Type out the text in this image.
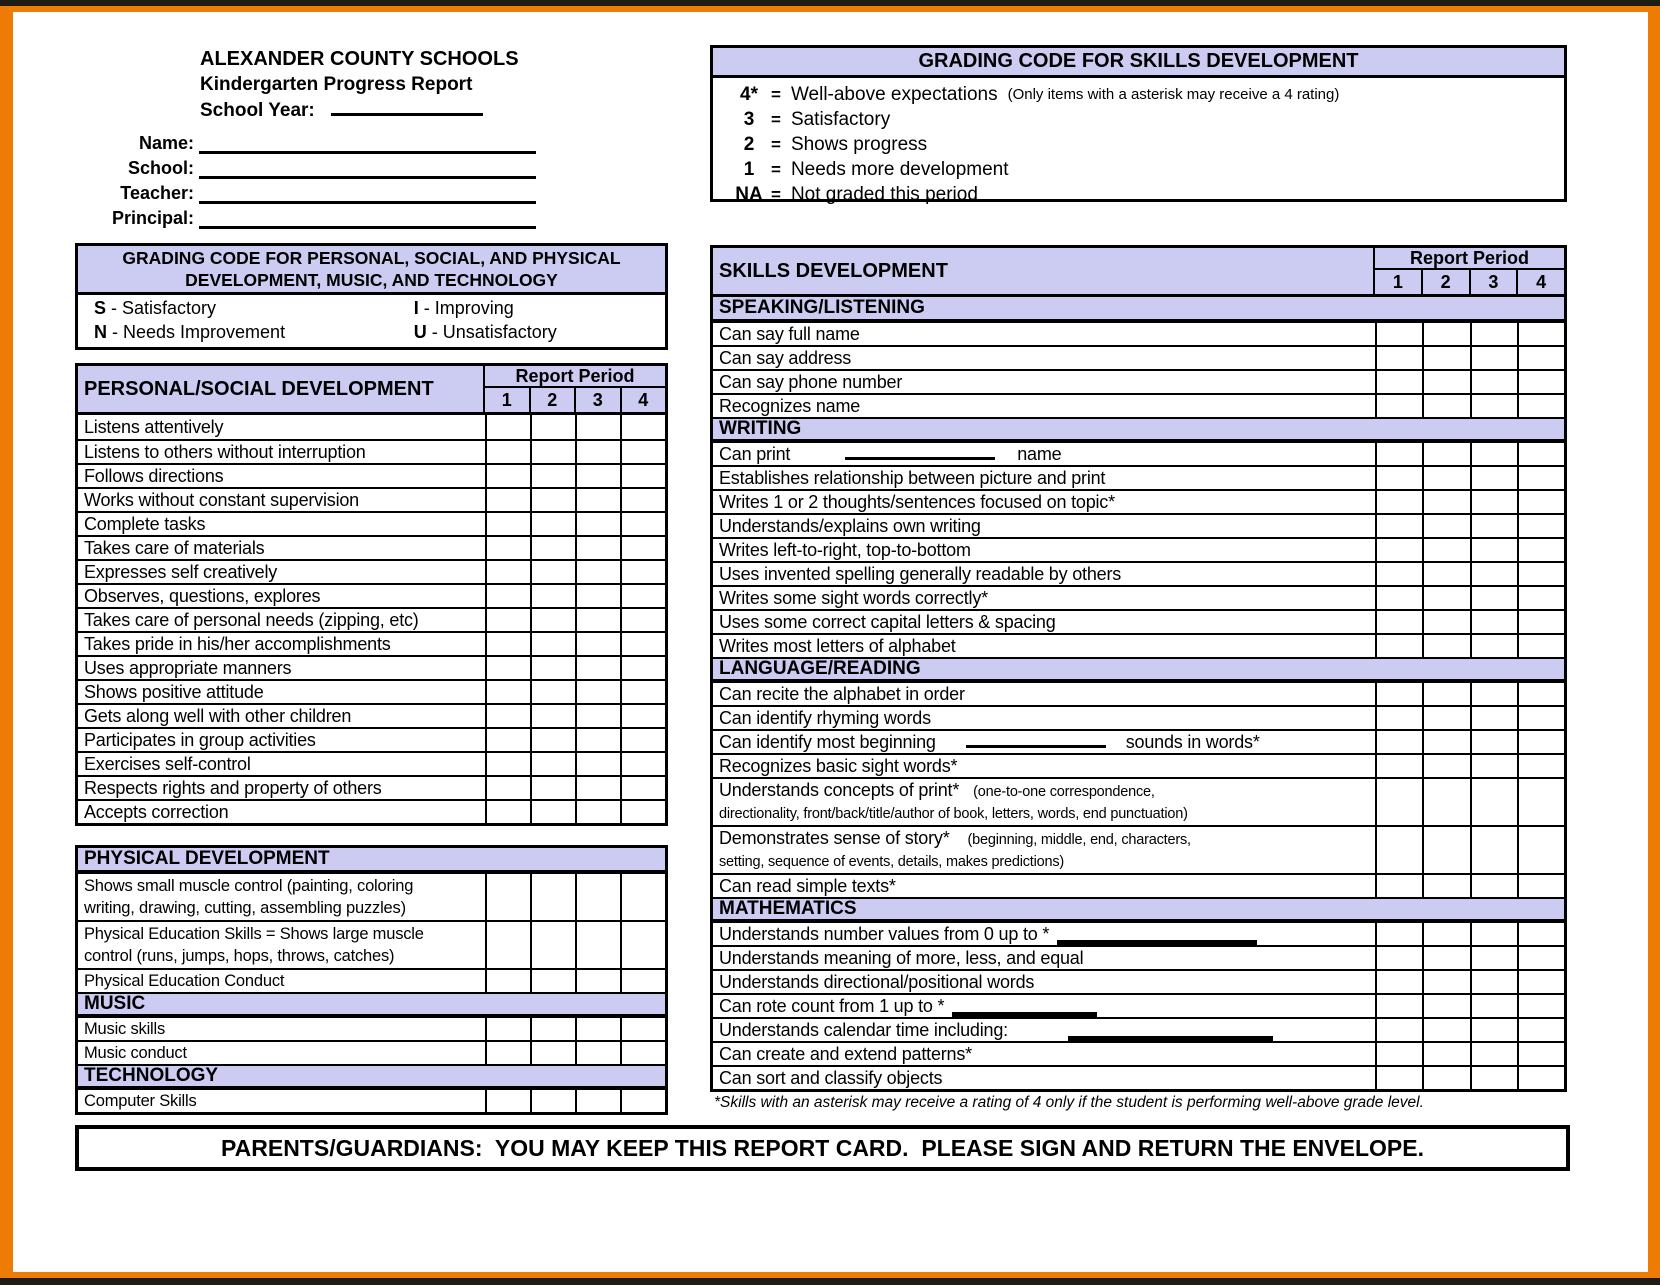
ALEXANDER COUNTY SCHOOLS
Kindergarten Progress Report
School Year:
Name:
School:
Teacher:
Principal:
GRADING CODE FOR SKILLS DEVELOPMENT
4* = Well-above expectations (Only items with a asterisk may receive a 4 rating)
3 = Satisfactory
2 = Shows progress
1 = Needs more development
NA = Not graded this period
GRADING CODE FOR PERSONAL, SOCIAL, AND PHYSICAL
DEVELOPMENT, MUSIC, AND TECHNOLOGY
S - Satisfactory
N - Needs Improvement
I - Improving
U - Unsatisfactory
PERSONAL/SOCIAL DEVELOPMENT
Report Period
1	2	3	4
Listens attentively
Listens to others without interruption
Follows directions
Works without constant supervision
Complete tasks
Takes care of materials
Expresses self creatively
Observes, questions, explores
Takes care of personal needs (zipping, etc)
Takes pride in his/her accomplishments
Uses appropriate manners
Shows positive attitude
Gets along well with other children
Participates in group activities
Exercises self-control
Respects rights and property of others
Accepts correction
PHYSICAL DEVELOPMENT
Shows small muscle control (painting, coloring
writing, drawing, cutting, assembling puzzles)
Physical Education Skills = Shows large muscle
control (runs, jumps, hops, throws, catches)
Physical Education Conduct
MUSIC
Music skills
Music conduct
TECHNOLOGY
Computer Skills
SKILLS DEVELOPMENT
Report Period
1	2	3	4
SPEAKING/LISTENING
Can say full name
Can say address
Can say phone number
Recognizes name
WRITING
Can print	name
Establishes relationship between picture and print
Writes 1 or 2 thoughts/sentences focused on topic*
Understands/explains own writing
Writes left-to-right, top-to-bottom
Uses invented spelling generally readable by others
Writes some sight words correctly*
Uses some correct capital letters & spacing
Writes most letters of alphabet
LANGUAGE/READING
Can recite the alphabet in order
Can identify rhyming words
Can identify most beginning	sounds in words*
Recognizes basic sight words*
Understands concepts of print* (one-to-one correspondence,
directionality, front/back/title/author of book, letters, words, end punctuation)
Demonstrates sense of story* (beginning, middle, end, characters,
setting, sequence of events, details, makes predictions)
Can read simple texts*
MATHEMATICS
Understands number values from 0 up to *
Understands meaning of more, less, and equal
Understands directional/positional words
Can rote count from 1 up to *
Understands calendar time including:
Can create and extend patterns*
Can sort and classify objects
*Skills with an asterisk may receive a rating of 4 only if the student is performing well-above grade level.
PARENTS/GUARDIANS:  YOU MAY KEEP THIS REPORT CARD.  PLEASE SIGN AND RETURN THE ENVELOPE.
